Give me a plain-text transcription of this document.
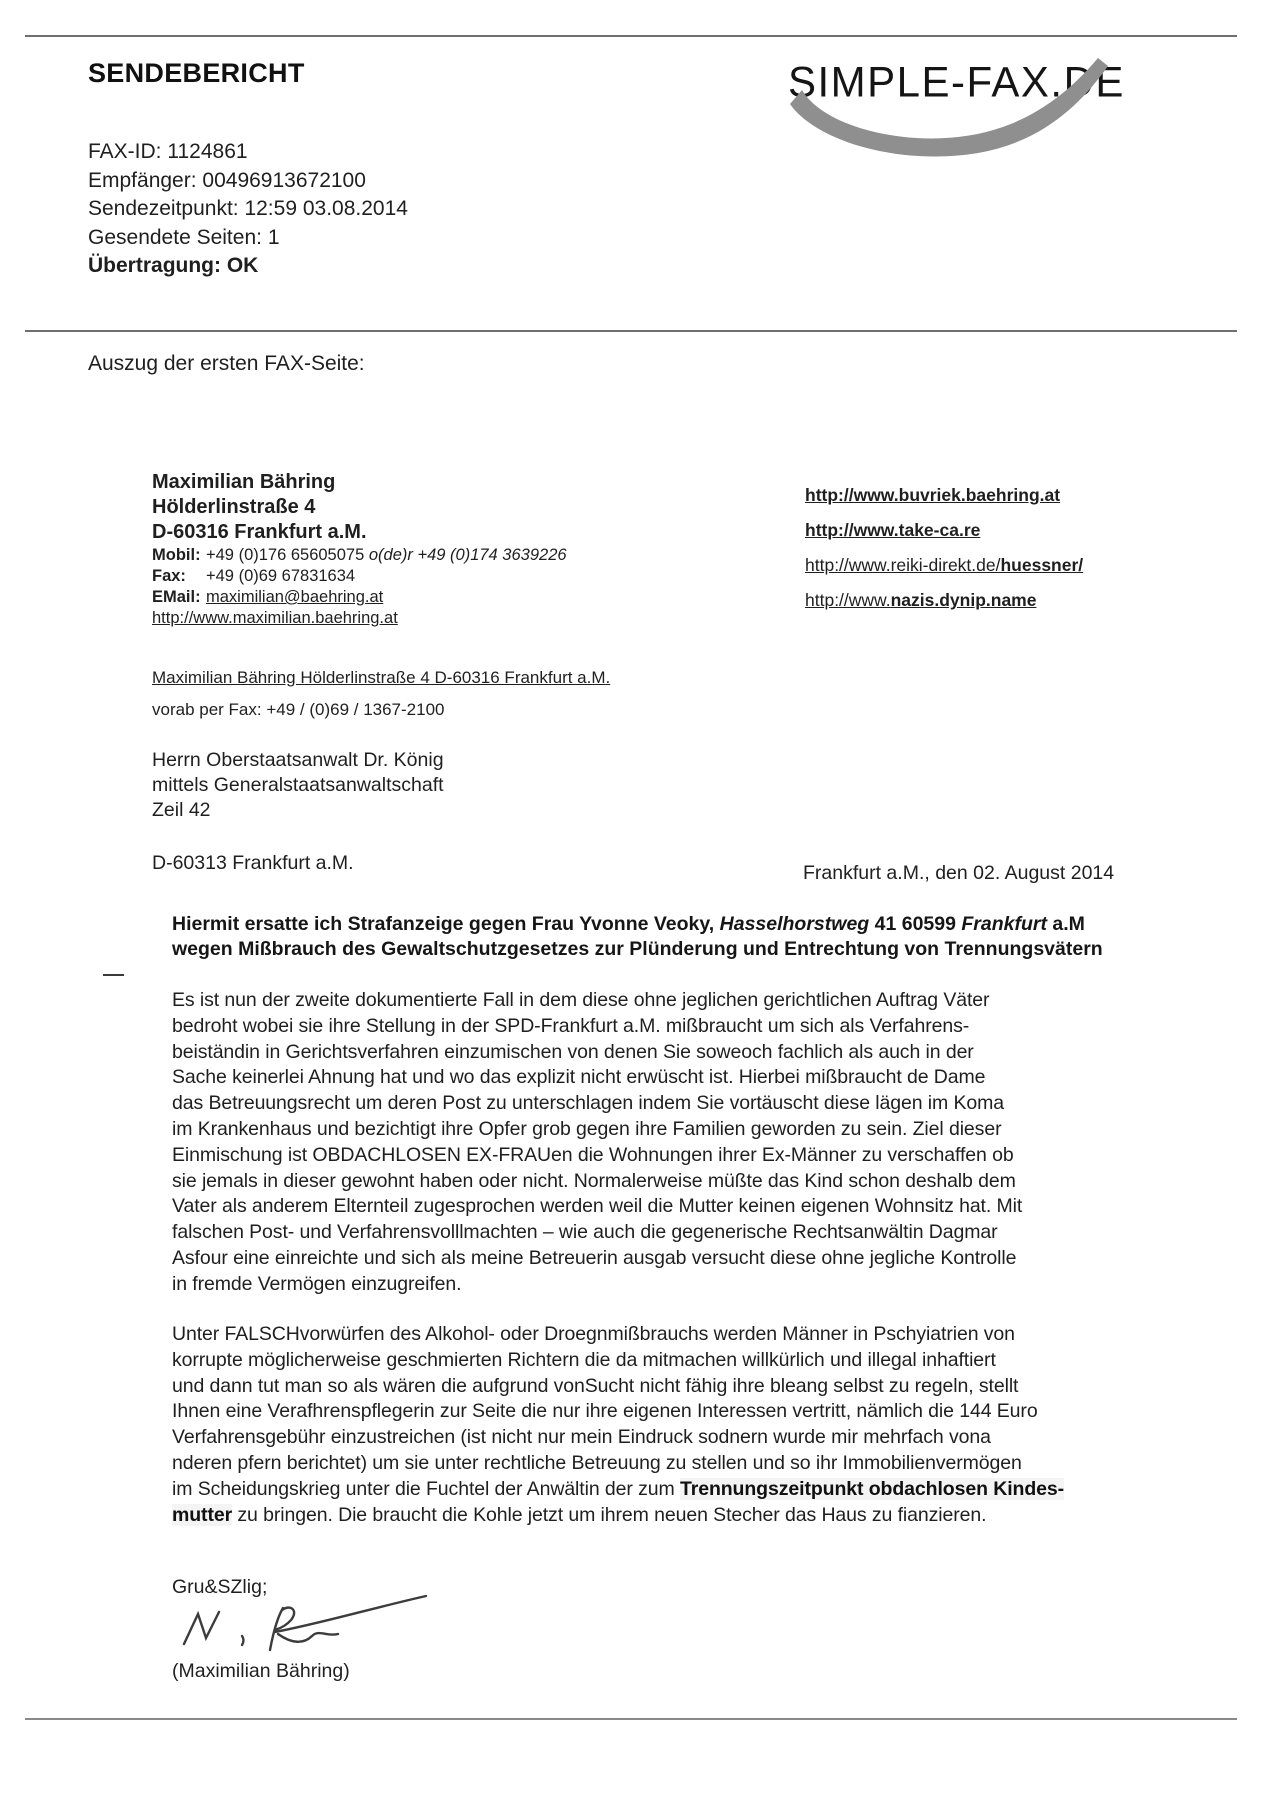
SENDEBERICHT	SIMPLE-FAX.DE
FAX-ID: 1124861
Empfänger: 00496913672100
Sendezeitpunkt: 12:59 03.08.2014
Gesendete Seiten: 1
Übertragung: OK
Auszug der ersten FAX-Seite:
Maximilian Bähring
Hölderlinstraße 4
D-60316 Frankfurt a.M.
Mobil: +49 (0)176 65605075 o(de)r +49 (0)174 3639226
Fax: +49 (0)69 67831634
EMail: maximilian@baehring.at
http://www.maximilian.baehring.at
http://www.buvriek.baehring.at
http://www.take-ca.re
http://www.reiki-direkt.de/huessner/
http://www.nazis.dynip.name
Maximilian Bähring Hölderlinstraße 4 D-60316 Frankfurt a.M.
vorab per Fax: +49 / (0)69 / 1367-2100
Herrn Oberstaatsanwalt Dr. König
mittels Generalstaatsanwaltschaft
Zeil 42
D-60313 Frankfurt a.M.	Frankfurt a.M., den 02. August 2014
Hiermit ersatte ich Strafanzeige gegen Frau Yvonne Veoky, Hasselhorstweg 41 60599 Frankfurt a.M
wegen Mißbrauch des Gewaltschutzgesetzes zur Plünderung und Entrechtung von Trennungsvätern
Es ist nun der zweite dokumentierte Fall in dem diese ohne jeglichen gerichtlichen Auftrag Väter
bedroht wobei sie ihre Stellung in der SPD-Frankfurt a.M. mißbraucht um sich als Verfahrens-
beiständin in Gerichtsverfahren einzumischen von denen Sie soweoch fachlich als auch in der
Sache keinerlei Ahnung hat und wo das explizit nicht erwüscht ist. Hierbei mißbraucht de Dame
das Betreuungsrecht um deren Post zu unterschlagen indem Sie vortäuscht diese lägen im Koma
im Krankenhaus und bezichtigt ihre Opfer grob gegen ihre Familien geworden zu sein. Ziel dieser
Einmischung ist OBDACHLOSEN EX-FRAUen die Wohnungen ihrer Ex-Männer zu verschaffen ob
sie jemals in dieser gewohnt haben oder nicht. Normalerweise müßte das Kind schon deshalb dem
Vater als anderem Elternteil zugesprochen werden weil die Mutter keinen eigenen Wohnsitz hat. Mit
falschen Post- und Verfahrensvolllmachten – wie auch die gegenerische Rechtsanwältin Dagmar
Asfour eine einreichte und sich als meine Betreuerin ausgab versucht diese ohne jegliche Kontrolle
in fremde Vermögen einzugreifen.
Unter FALSCHvorwürfen des Alkohol- oder Droegnmißbrauchs werden Männer in Pschyiatrien von
korrupte möglicherweise geschmierten Richtern die da mitmachen willkürlich und illegal inhaftiert
und dann tut man so als wären die aufgrund vonSucht nicht fähig ihre bleang selbst zu regeln, stellt
Ihnen eine Verafhrenspflegerin zur Seite die nur ihre eigenen Interessen vertritt, nämlich die 144 Euro
Verfahrensgebühr einzustreichen (ist nicht nur mein Eindruck sodnern wurde mir mehrfach vona
nderen pfern berichtet) um sie unter rechtliche Betreuung zu stellen und so ihr Immobilienvermögen
im Scheidungskrieg unter die Fuchtel der Anwältin der zum Trennungszeitpunkt obdachlosen Kindes-
mutter zu bringen. Die braucht die Kohle jetzt um ihrem neuen Stecher das Haus zu fianzieren.
Gru&SZlig;
(Maximilian Bähring)
